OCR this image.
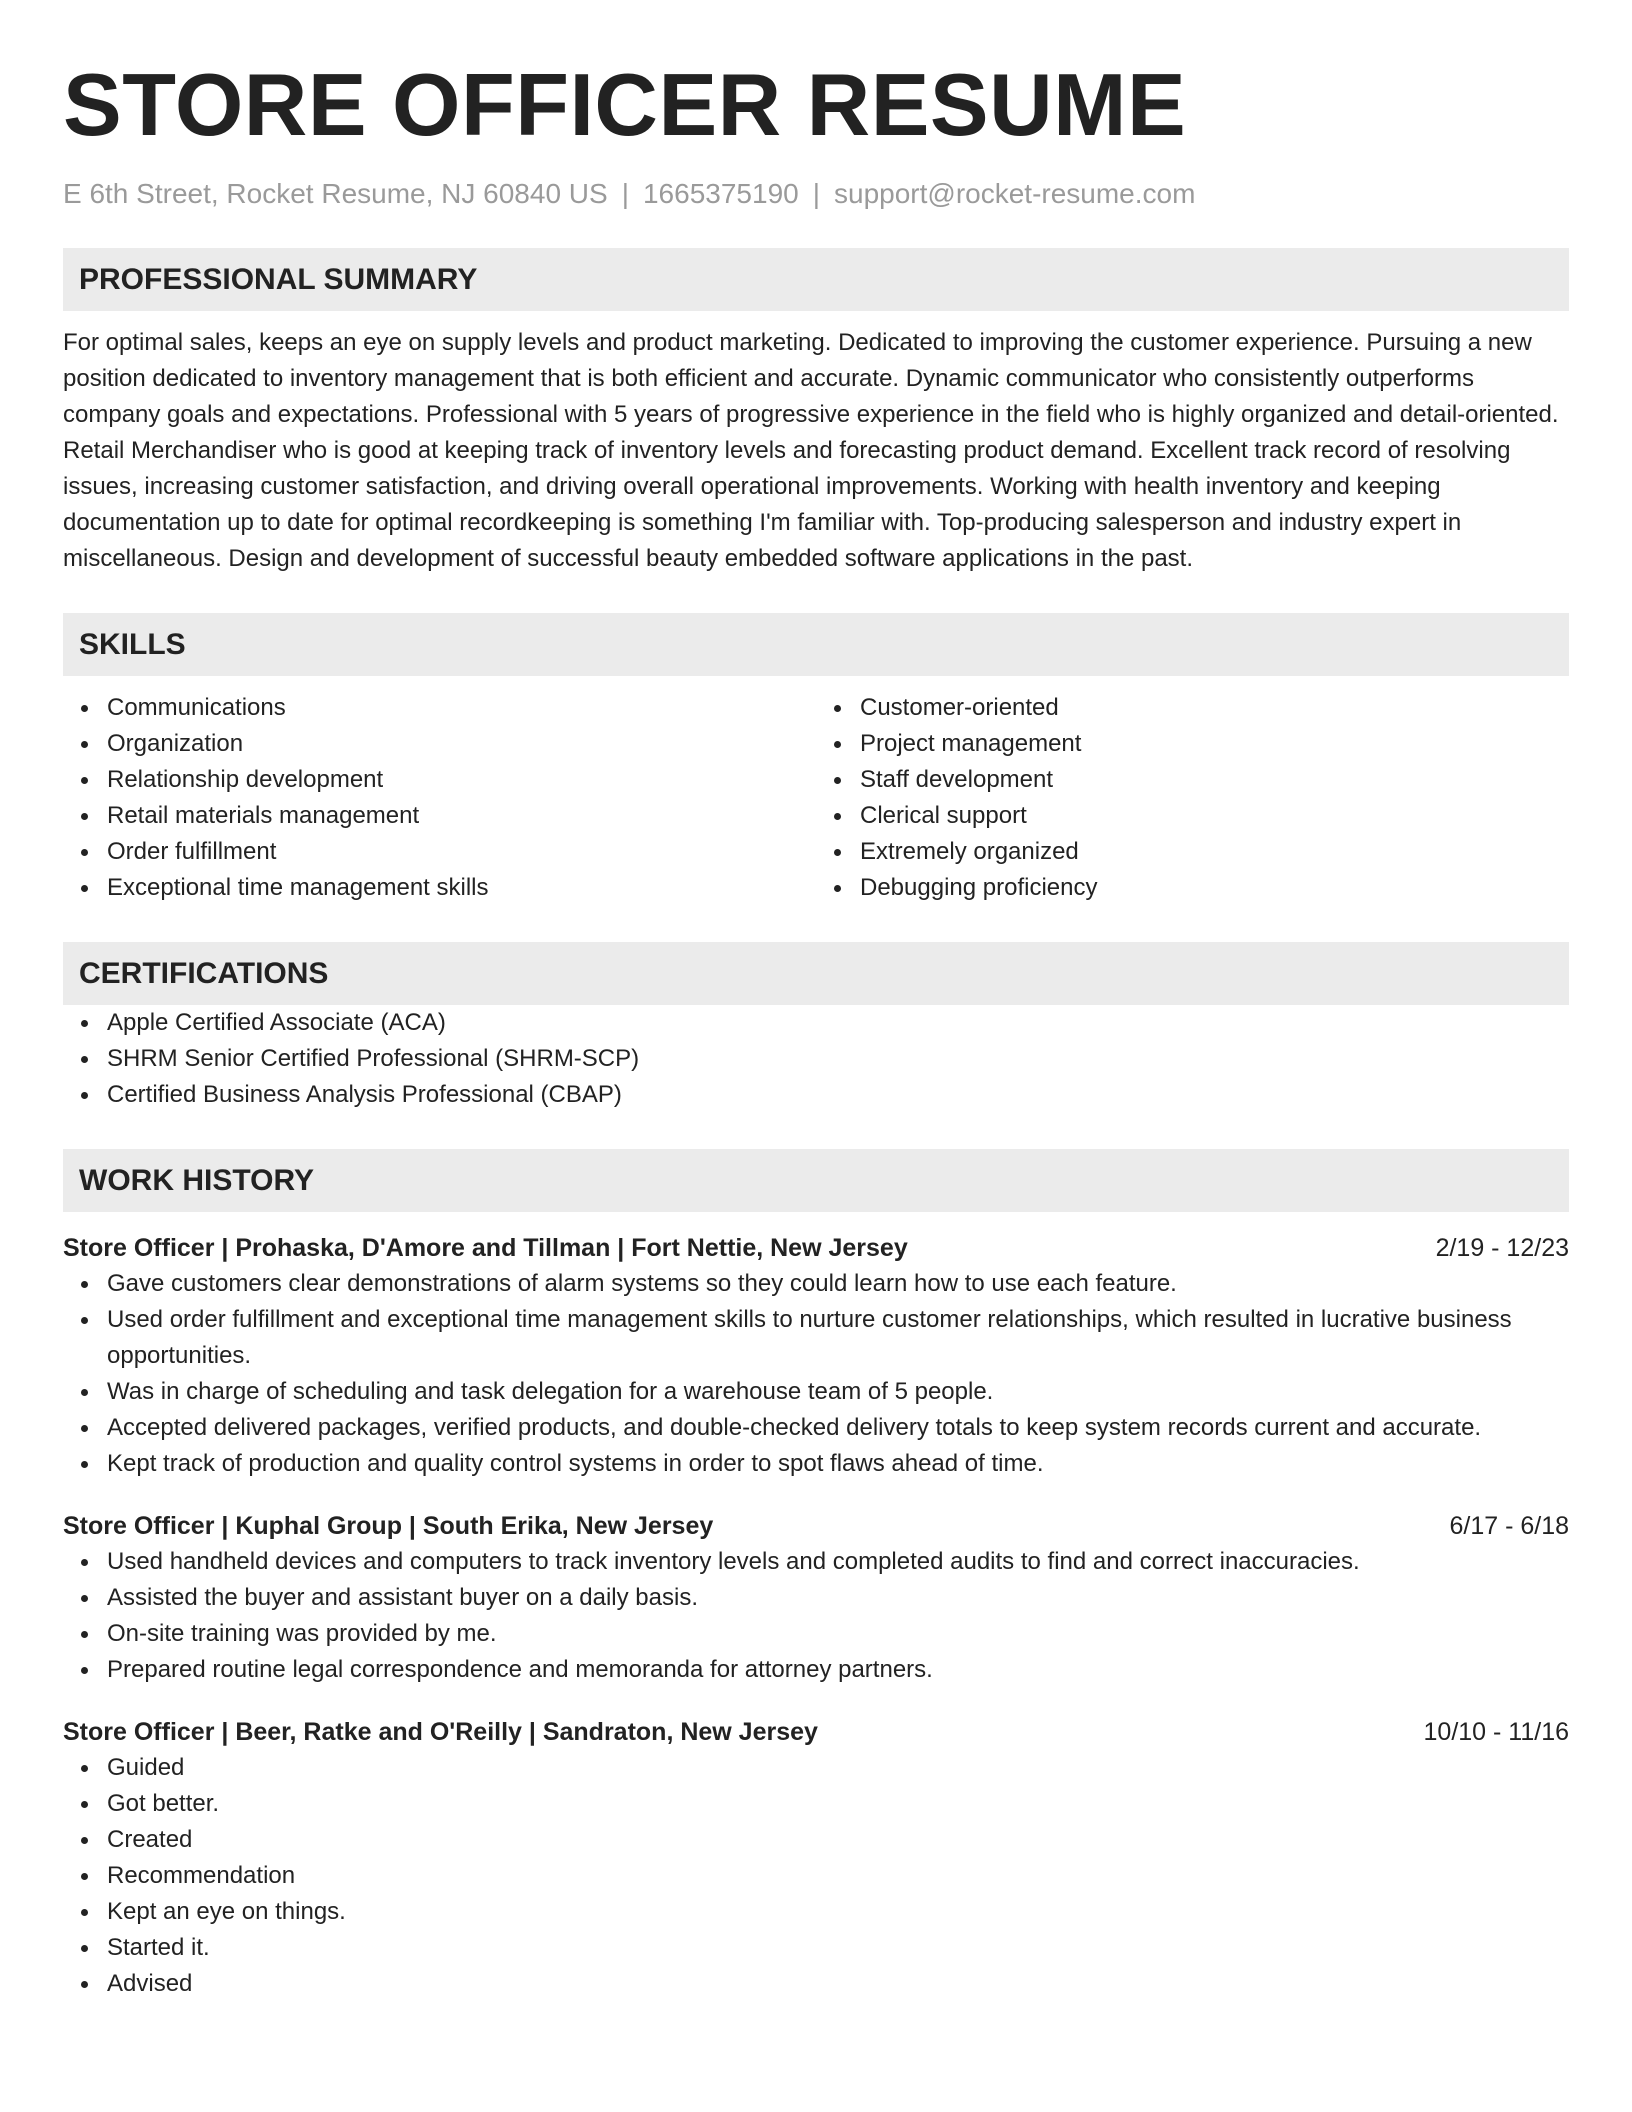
STORE OFFICER RESUME
E 6th Street, Rocket Resume, NJ 60840 US | 1665375190 | support@rocket-resume.com
PROFESSIONAL SUMMARY

For optimal sales, keeps an eye on supply levels and product marketing. Dedicated to improving the customer experience. Pursuing a new position dedicated to inventory management that is both efficient and accurate. Dynamic communicator who consistently outperforms company goals and expectations. Professional with 5 years of progressive experience in the field who is highly organized and detail-oriented. Retail Merchandiser who is good at keeping track of inventory levels and forecasting product demand. Excellent track record of resolving issues, increasing customer satisfaction, and driving overall operational improvements. Working with health inventory and keeping documentation up to date for optimal recordkeeping is something I'm familiar with. Top-producing salesperson and industry expert in miscellaneous. Design and development of successful beauty embedded software applications in the past.

SKILLS
Communications
Organization
Relationship development
Retail materials management
Order fulfillment
Exceptional time management skills
Customer-oriented
Project management
Staff development
Clerical support
Extremely organized
Debugging proficiency
CERTIFICATIONS
Apple Certified Associate (ACA)
SHRM Senior Certified Professional (SHRM-SCP)
Certified Business Analysis Professional (CBAP)
WORK HISTORY
Store Officer | Prohaska, D'Amore and Tillman | Fort Nettie, New Jersey	2/19 - 12/23
Gave customers clear demonstrations of alarm systems so they could learn how to use each feature.
Used order fulfillment and exceptional time management skills to nurture customer relationships, which resulted in lucrative business opportunities.
Was in charge of scheduling and task delegation for a warehouse team of 5 people.
Accepted delivered packages, verified products, and double-checked delivery totals to keep system records current and accurate.
Kept track of production and quality control systems in order to spot flaws ahead of time.
Store Officer | Kuphal Group | South Erika, New Jersey	6/17 - 6/18
Used handheld devices and computers to track inventory levels and completed audits to find and correct inaccuracies.
Assisted the buyer and assistant buyer on a daily basis.
On-site training was provided by me.
Prepared routine legal correspondence and memoranda for attorney partners.
Store Officer | Beer, Ratke and O'Reilly | Sandraton, New Jersey	10/10 - 11/16
Guided
Got better.
Created
Recommendation
Kept an eye on things.
Started it.
Advised
